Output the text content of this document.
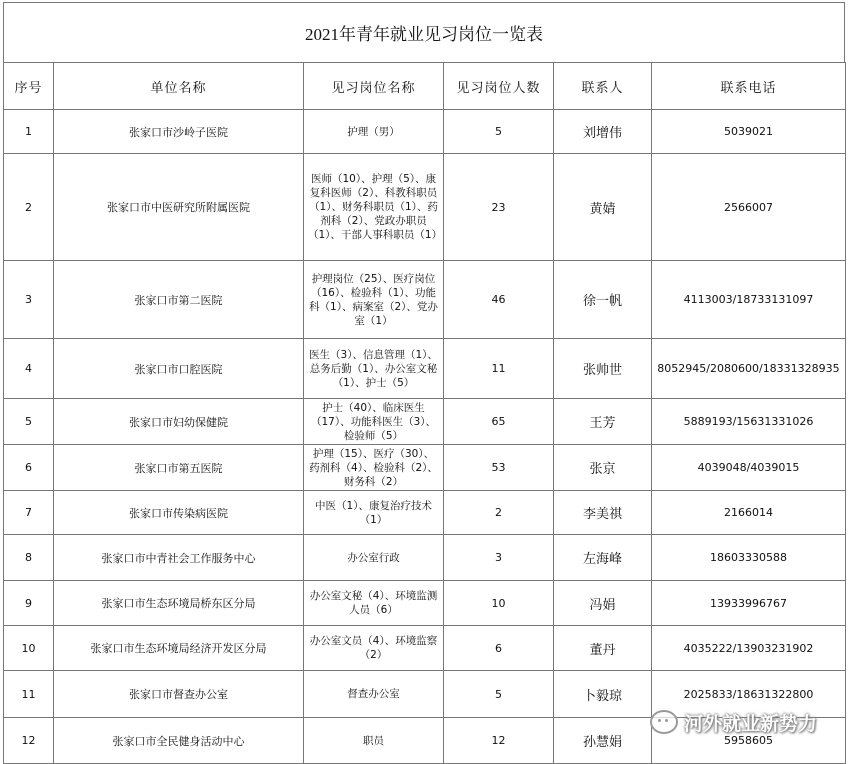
2021年青年就业见习岗位一览表
序号	单位名称	见习岗位名称	见习岗位人数	联系人	联系电话
1	张家口市沙岭子医院	护理（男）	5	刘增伟	5039021
2	张家口市中医研究所附属医院	医师（10）、护理（5）、康复科医师（2）、科教科职员（1）、财务科职员（1）、药剂科（2）、党政办职员（1）、干部人事科职员（1）	23	黄婧	2566007
3	张家口市第二医院	护理岗位（25）、医疗岗位（16）、检验科（1）、功能科（1）、病案室（2）、党办室（1）	46	徐一帆	4113003/18733131097
4	张家口市口腔医院	医生（3）、信息管理（1）、总务后勤（1）、办公室文秘（1）、护士（5）	11	张帅世	8052945/2080600/18331328935
5	张家口市妇幼保健院	护士（40）、临床医生（17）、功能科医生（3）、检验师（5）	65	王芳	5889193/15631331026
6	张家口市第五医院	护理（15）、医疗（30）、药剂科（4）、检验科（2）、财务科（2）	53	张京	4039048/4039015
7	张家口市传染病医院	中医（1）、康复治疗技术（1）	2	李美祺	2166014
8	张家口市中青社会工作服务中心	办公室行政	3	左海峰	18603330588
9	张家口市生态环境局桥东区分局	办公室文秘（4）、环境监测人员（6）	10	冯娟	13933996767
10	张家口市生态环境局经济开发区分局	办公室文员（4）、环境监察（2）	6	董丹	4035222/13903231902
11	张家口市督查办公室	督查办公室	5	卜毅琼	2025833/18631322800
12	张家口市全民健身活动中心	职员	12	孙慧娟	5958605
河外就业新势力
